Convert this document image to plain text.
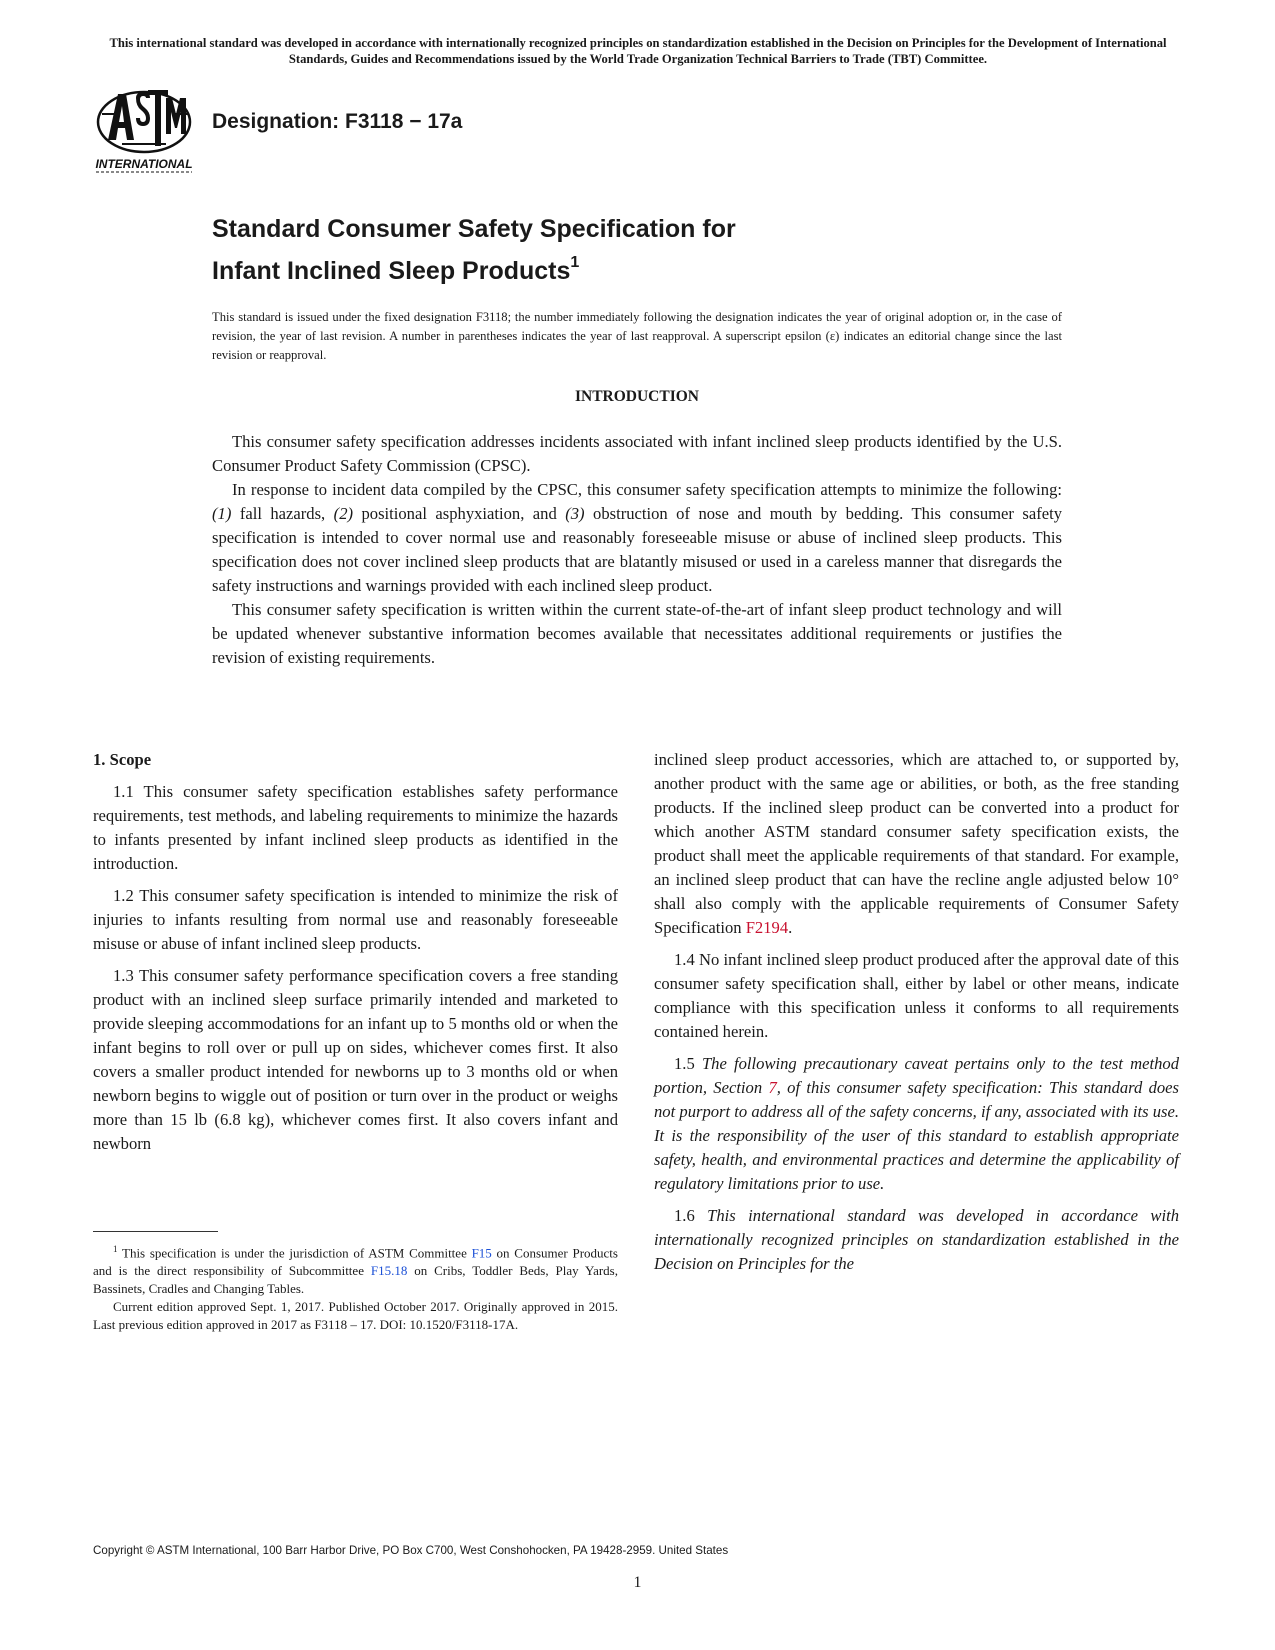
This international standard was developed in accordance with internationally recognized principles on standardization established in the Decision on Principles for the Development of International Standards, Guides and Recommendations issued by the World Trade Organization Technical Barriers to Trade (TBT) Committee.
INTERNATIONAL
Designation: F3118 − 17a
Standard Consumer Safety Specification for
Infant Inclined Sleep Products$^1$
This standard is issued under the fixed designation F3118; the number immediately following the designation indicates the year of original adoption or, in the case of revision, the year of last revision. A number in parentheses indicates the year of last reapproval. A superscript epsilon (ε) indicates an editorial change since the last revision or reapproval.
INTRODUCTION

This consumer safety specification addresses incidents associated with infant inclined sleep products identified by the U.S. Consumer Product Safety Commission (CPSC).

In response to incident data compiled by the CPSC, this consumer safety specification attempts to minimize the following: (1) fall hazards, (2) positional asphyxiation, and (3) obstruction of nose and mouth by bedding. This consumer safety specification is intended to cover normal use and reasonably foreseeable misuse or abuse of inclined sleep products. This specification does not cover inclined sleep products that are blatantly misused or used in a careless manner that disregards the safety instructions and warnings provided with each inclined sleep product.

This consumer safety specification is written within the current state-of-the-art of infant sleep product technology and will be updated whenever substantive information becomes available that necessitates additional requirements or justifies the revision of existing requirements.

1. Scope

1.1 This consumer safety specification establishes safety performance requirements, test methods, and labeling requirements to minimize the hazards to infants presented by infant inclined sleep products as identified in the introduction.

1.2 This consumer safety specification is intended to minimize the risk of injuries to infants resulting from normal use and reasonably foreseeable misuse or abuse of infant inclined sleep products.

1.3 This consumer safety performance specification covers a free standing product with an inclined sleep surface primarily intended and marketed to provide sleeping accommodations for an infant up to 5 months old or when the infant begins to roll over or pull up on sides, whichever comes first. It also covers a smaller product intended for newborns up to 3 months old or when newborn begins to wiggle out of position or turn over in the product or weighs more than 15 lb (6.8 kg), whichever comes first. It also covers infant and newborn

$^1$ This specification is under the jurisdiction of ASTM Committee F15 on Consumer Products and is the direct responsibility of Subcommittee F15.18 on Cribs, Toddler Beds, Play Yards, Bassinets, Cradles and Changing Tables.

Current edition approved Sept. 1, 2017. Published October 2017. Originally approved in 2015. Last previous edition approved in 2017 as F3118 – 17. DOI: 10.1520/F3118-17A.

inclined sleep product accessories, which are attached to, or supported by, another product with the same age or abilities, or both, as the free standing products. If the inclined sleep product can be converted into a product for which another ASTM standard consumer safety specification exists, the product shall meet the applicable requirements of that standard. For example, an inclined sleep product that can have the recline angle adjusted below 10° shall also comply with the applicable requirements of Consumer Safety Specification F2194.

1.4 No infant inclined sleep product produced after the approval date of this consumer safety specification shall, either by label or other means, indicate compliance with this specification unless it conforms to all requirements contained herein.

1.5 The following precautionary caveat pertains only to the test method portion, Section 7, of this consumer safety specification: This standard does not purport to address all of the safety concerns, if any, associated with its use. It is the responsibility of the user of this standard to establish appropriate safety, health, and environmental practices and determine the applicability of regulatory limitations prior to use.

1.6 This international standard was developed in accordance with internationally recognized principles on standardization established in the Decision on Principles for the

Copyright © ASTM International, 100 Barr Harbor Drive, PO Box C700, West Conshohocken, PA 19428-2959. United States
1
